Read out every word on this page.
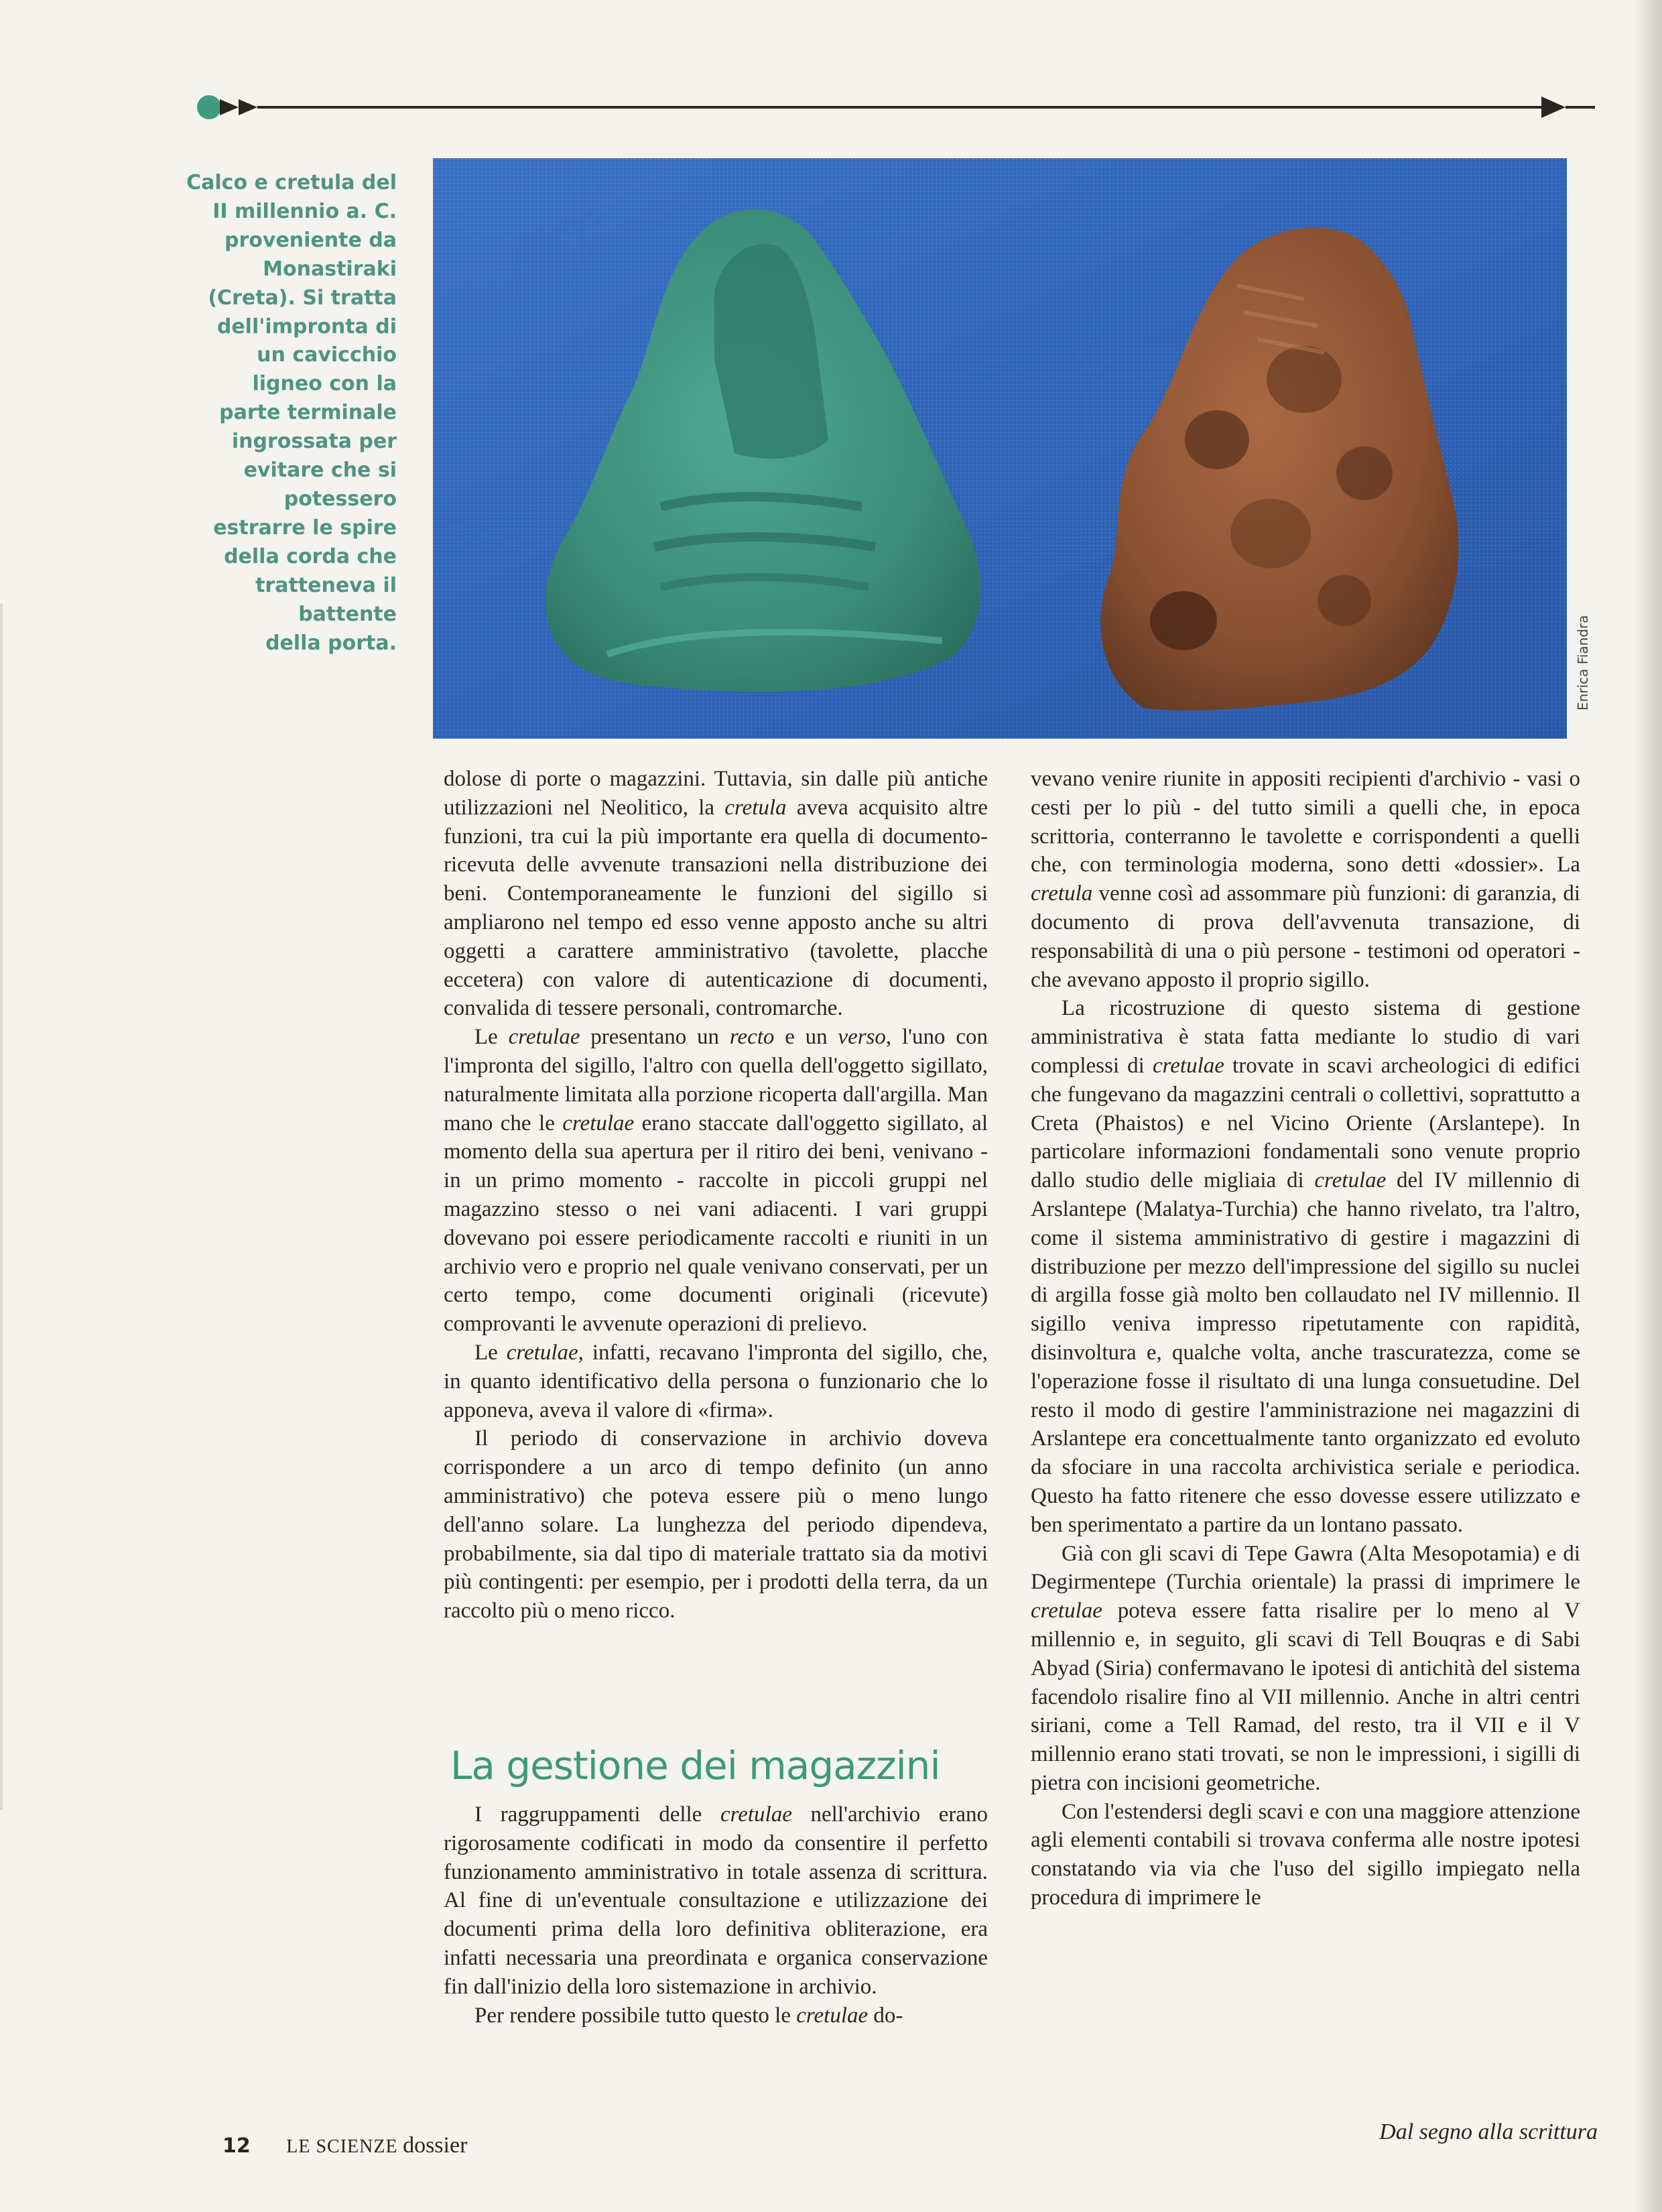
Calco e cretula del
II millennio a. C.
proveniente da
Monastiraki
(Creta). Si tratta
dell'impronta di
un cavicchio
ligneo con la
parte terminale
ingrossata per
evitare che si
potessero
estrarre le spire
della corda che
tratteneva il
battente
della porta.	Enrica Fiandra

dolose di porte o magazzini. Tuttavia, sin dalle più antiche utilizzazioni nel Neolitico, la cretula aveva acquisito altre funzioni, tra cui la più importante era quella di documento-ricevuta delle avvenute transazioni nella distribuzione dei beni. Contemporaneamente le funzioni del sigillo si ampliarono nel tempo ed esso venne apposto anche su altri oggetti a carattere amministrativo (tavolette, placche eccetera) con valore di autenticazione di documenti, convalida di tessere personali, contromarche.

Le cretulae presentano un recto e un verso, l'uno con l'impronta del sigillo, l'altro con quella dell'oggetto sigillato, naturalmente limitata alla porzione ricoperta dall'argilla. Man mano che le cretulae erano staccate dall'oggetto sigillato, al momento della sua apertura per il ritiro dei beni, venivano - in un primo momento - raccolte in piccoli gruppi nel magazzino stesso o nei vani adiacenti. I vari gruppi dovevano poi essere periodicamente raccolti e riuniti in un archivio vero e proprio nel quale venivano conservati, per un certo tempo, come documenti originali (ricevute) comprovanti le avvenute operazioni di prelievo.

Le cretulae, infatti, recavano l'impronta del sigillo, che, in quanto identificativo della persona o funzionario che lo apponeva, aveva il valore di «firma».

Il periodo di conservazione in archivio doveva corrispondere a un arco di tempo definito (un anno amministrativo) che poteva essere più o meno lungo dell'anno solare. La lunghezza del periodo dipendeva, probabilmente, sia dal tipo di materiale trattato sia da motivi più contingenti: per esempio, per i prodotti della terra, da un raccolto più o meno ricco.

La gestione dei magazzini

I raggruppamenti delle cretulae nell'archivio erano rigorosamente codificati in modo da consentire il perfetto funzionamento amministrativo in totale assenza di scrittura. Al fine di un'eventuale consultazione e utilizzazione dei documenti prima della loro definitiva obliterazione, era infatti necessaria una preordinata e organica conservazione fin dall'inizio della loro sistemazione in archivio.

Per rendere possibile tutto questo le cretulae do-

vevano venire riunite in appositi recipienti d'archivio - vasi o cesti per lo più - del tutto simili a quelli che, in epoca scrittoria, conterranno le tavolette e corrispondenti a quelli che, con terminologia moderna, sono detti «dossier». La cretula venne così ad assommare più funzioni: di garanzia, di documento di prova dell'avvenuta transazione, di responsabilità di una o più persone - testimoni od operatori - che avevano apposto il proprio sigillo.

La ricostruzione di questo sistema di gestione amministrativa è stata fatta mediante lo studio di vari complessi di cretulae trovate in scavi archeologici di edifici che fungevano da magazzini centrali o collettivi, soprattutto a Creta (Phaistos) e nel Vicino Oriente (Arslantepe). In particolare informazioni fondamentali sono venute proprio dallo studio delle migliaia di cretulae del IV millennio di Arslantepe (Malatya-Turchia) che hanno rivelato, tra l'altro, come il sistema amministrativo di gestire i magazzini di distribuzione per mezzo dell'impressione del sigillo su nuclei di argilla fosse già molto ben collaudato nel IV millennio. Il sigillo veniva impresso ripetutamente con rapidità, disinvoltura e, qualche volta, anche trascuratezza, come se l'operazione fosse il risultato di una lunga consuetudine. Del resto il modo di gestire l'amministrazione nei magazzini di Arslantepe era concettualmente tanto organizzato ed evoluto da sfociare in una raccolta archivistica seriale e periodica. Questo ha fatto ritenere che esso dovesse essere utilizzato e ben sperimentato a partire da un lontano passato.

Già con gli scavi di Tepe Gawra (Alta Mesopotamia) e di Degirmentepe (Turchia orientale) la prassi di imprimere le cretulae poteva essere fatta risalire per lo meno al V millennio e, in seguito, gli scavi di Tell Bouqras e di Sabi Abyad (Siria) confermavano le ipotesi di antichità del sistema facendolo risalire fino al VII millennio. Anche in altri centri siriani, come a Tell Ramad, del resto, tra il VII e il V millennio erano stati trovati, se non le impressioni, i sigilli di pietra con incisioni geometriche.

Con l'estendersi degli scavi e con una maggiore attenzione agli elementi contabili si trovava conferma alle nostre ipotesi constatando via via che l'uso del sigillo impiegato nella procedura di imprimere le

12 LE SCIENZE dossier
Dal segno alla scrittura
